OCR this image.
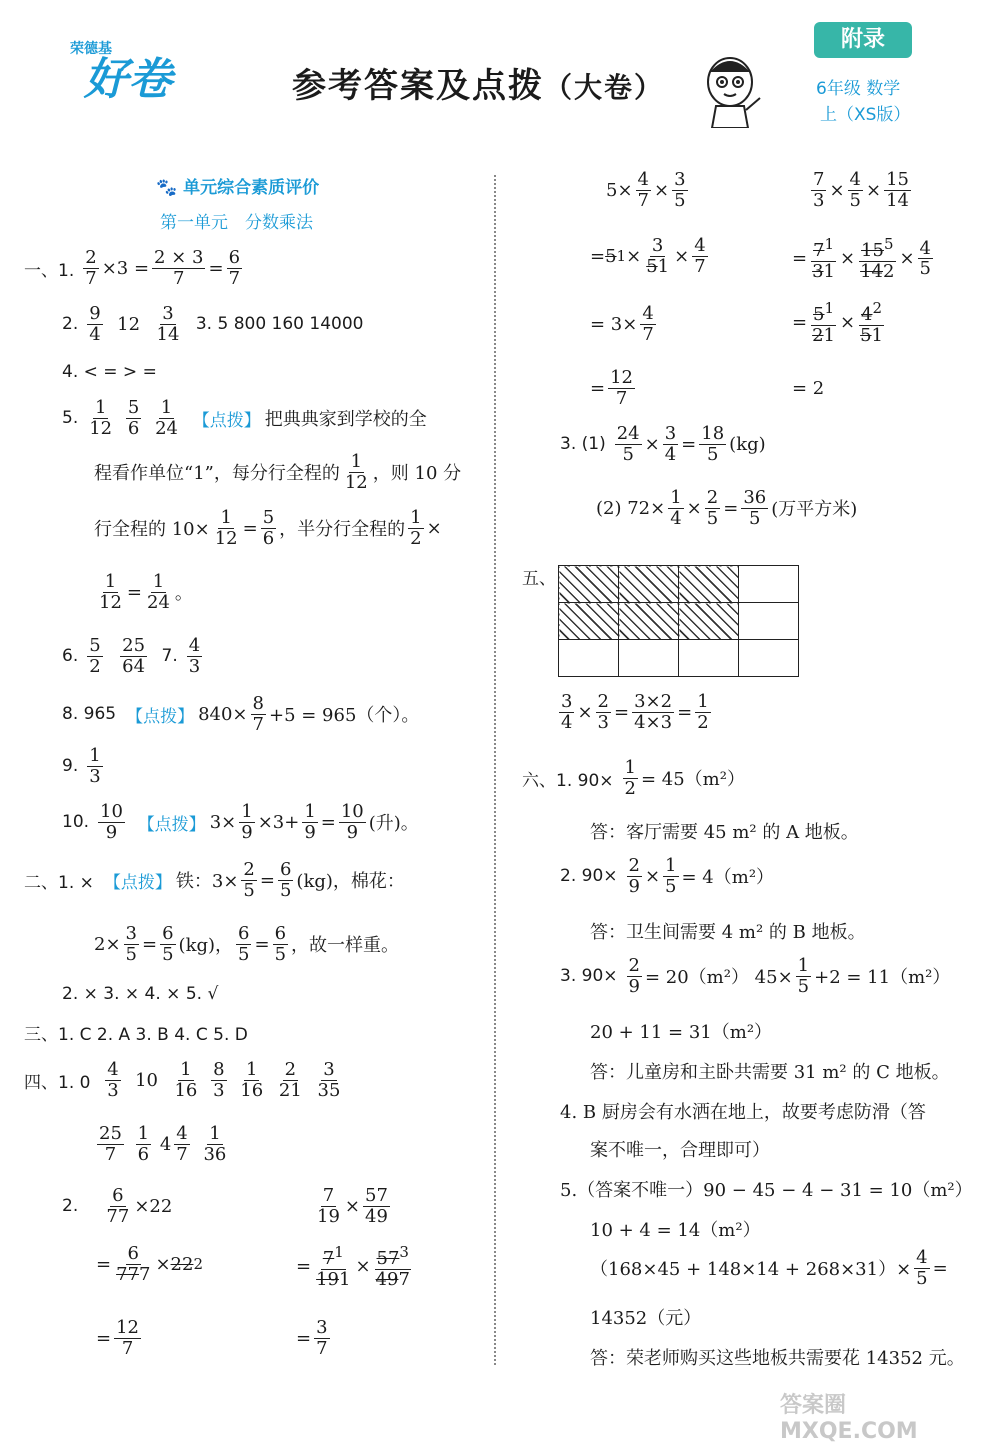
荣德基
好卷	参考答案及点拨（大卷）
附录
6年级 数学
上（XS版）
🐾 单元综合素质评价
第一单元　分数乘法
一、1. $\frac{2}{7} \times 3 = \frac{2 \times 3}{7} = \frac{6}{7}$
2. $\frac{9}{4}$
12
$\frac{3}{14}$
3. 5 800 160 14000
4. < = > =
5. $\frac{1}{12}$
$\frac{5}{6}$
$\frac{1}{24}$
【点拨】 把典典家到学校的全
程看作单位“1”，每分行全程的 $\frac{1}{12}$ ，则 10 分
行全程的 $10\times \frac{1}{12} = \frac{5}{6}$ ，半分行全程的 $\frac{1}{2}$ ×
$\frac{1}{12} = \frac{1}{24}$ 。
6. $\frac{5}{2}$
$\frac{25}{64}$
7. $\frac{4}{3}$
8. 965 【点拨】 $840\times \frac{8}{7} +5 = 965$（个）。
9. $\frac{1}{3}$
10. $\frac{10}{9}$
【点拨】 $3\times \frac{1}{9} \times 3+ \frac{1}{9} = \frac{10}{9}$ (升)。
二、1. × 【点拨】 铁：$3\times \frac{2}{5} = \frac{6}{5} (kg)$，棉花：
$2\times \frac{3}{5} = \frac{6}{5} (kg)$， $\frac{6}{5} = \frac{6}{5}$ ，故一样重。
2. × 3. × 4. × 5. √
三、1. C 2. A 3. B 4. C 5. D
四、1. 0
$\frac{4}{3} 10 \frac{1}{16}$
$\frac{8}{3}$
$\frac{1}{16}$
$\frac{2}{21}$
$\frac{3}{35}$
$\frac{25}{7}$
$\frac{1}{6} 4 \frac{4}{7}$
$\frac{1}{36}$
2.
$\frac{6}{77} \times 22$
= $\frac{6}{777} \times 22$ 2
= $\frac{12}{7}$
$\frac{7}{19} \times \frac{57}{49}$
= $\frac{7^1}{191} \times \frac{57^3}{497}$
= $\frac{3}{7}$
$5\times \frac{4}{7} \times \frac{3}{5}$
= 5 $1 \times \frac{3}{51} \times \frac{4}{7}$
= $3\times \frac{4}{7}$
= $\frac{12}{7}$
$\frac{7}{3} \times \frac{4}{5} \times \frac{15}{14}$
= $\frac{7^1}{31} \times \frac{15^5}{142} \times \frac{4}{5}$
= $\frac{5^1}{21} \times \frac{4^2}{51}$
= 2
3. $(1) \frac{24}{5} \times \frac{3}{4} = \frac{18}{5} (kg)$
(2) $72\times \frac{1}{4} \times \frac{2}{5} = \frac{36}{5}$ (万平方米)
五、

$\frac{3}{4} \times \frac{2}{3} = \frac{3\times 2}{4\times 3} = \frac{1}{2}$
六、1. $90\times \frac{1}{2} = 45(m^2)$
答：客厅需要 45 m² 的 A 地板。
2. $90\times \frac{2}{9} \times \frac{1}{5} = 4(m^2)$
答：卫生间需要 4 m² 的 B 地板。
3. $90\times \frac{2}{9} = 20(m^2)$ $45\times \frac{1}{5} +2 = 11(m^2)$
20 + 11 = 31（m²）
答：儿童房和主卧共需要 31 m² 的 C 地板。
4. B 厨房会有水洒在地上，故要考虑防滑（答
案不唯一，合理即可）
5.（答案不唯一）90 − 45 − 4 − 31 = 10（m²）
10 + 4 = 14（m²）
$(168\times 45 + 148\times 14 + 268\times 31)\times \frac{4}{5}$ =
14352（元）
答：荣老师购买这些地板共需要花 14352 元。
答案圈 MXQE.COM
